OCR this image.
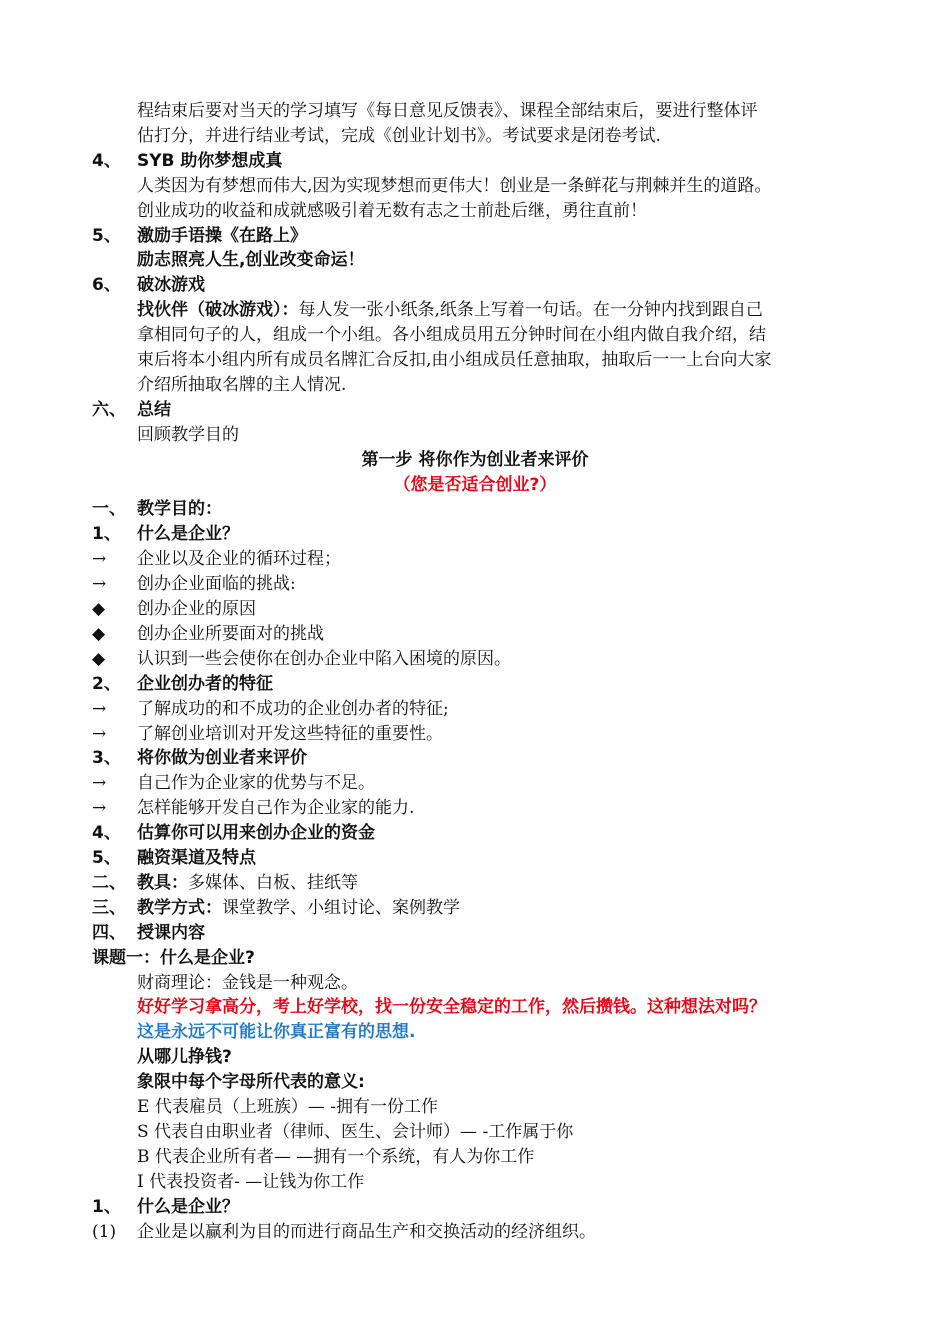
程结束后要对当天的学习填写《每日意见反馈表》、课程全部结束后，要进行整体评
估打分，并进行结业考试，完成《创业计划书》。考试要求是闭卷考试.
4、 SYB 助你梦想成真
人类因为有梦想而伟大,因为实现梦想而更伟大！创业是一条鲜花与荆棘并生的道路。
创业成功的收益和成就感吸引着无数有志之士前赴后继，勇往直前！
5、 激励手语操《在路上》
励志照亮人生,创业改变命运！
6、 破冰游戏
找伙伴（破冰游戏）：每人发一张小纸条,纸条上写着一句话。在一分钟内找到跟自己
拿相同句子的人，组成一个小组。各小组成员用五分钟时间在小组内做自我介绍，结
束后将本小组内所有成员名牌汇合反扣,由小组成员任意抽取，抽取后一一上台向大家
介绍所抽取名牌的主人情况.
六、 总结
回顾教学目的
第一步 将你作为创业者来评价
（您是否适合创业?）
一、 教学目的：
1、 什么是企业？
→ 企业以及企业的循环过程；
→ 创办企业面临的挑战:
◆ 创办企业的原因
◆ 创办企业所要面对的挑战
◆ 认识到一些会使你在创办企业中陷入困境的原因。
2、 企业创办者的特征
→ 了解成功的和不成功的企业创办者的特征;
→ 了解创业培训对开发这些特征的重要性。
3、 将你做为创业者来评价
→ 自己作为企业家的优势与不足。
→ 怎样能够开发自己作为企业家的能力.
4、 估算你可以用来创办企业的资金
5、 融资渠道及特点
二、 教具：多媒体、白板、挂纸等
三、 教学方式：课堂教学、小组讨论、案例教学
四、 授课内容
课题一：什么是企业?
财商理论：金钱是一种观念。
好好学习拿高分，考上好学校，找一份安全稳定的工作，然后攒钱。这种想法对吗？
这是永远不可能让你真正富有的思想.
从哪儿挣钱?
象限中每个字母所代表的意义:
E 代表雇员（上班族）— -拥有一份工作
S 代表自由职业者（律师、医生、会计师）— -工作属于你
B 代表企业所有者— —拥有一个系统，有人为你工作
I 代表投资者- —让钱为你工作
1、 什么是企业？
(1) 企业是以赢利为目的而进行商品生产和交换活动的经济组织。
